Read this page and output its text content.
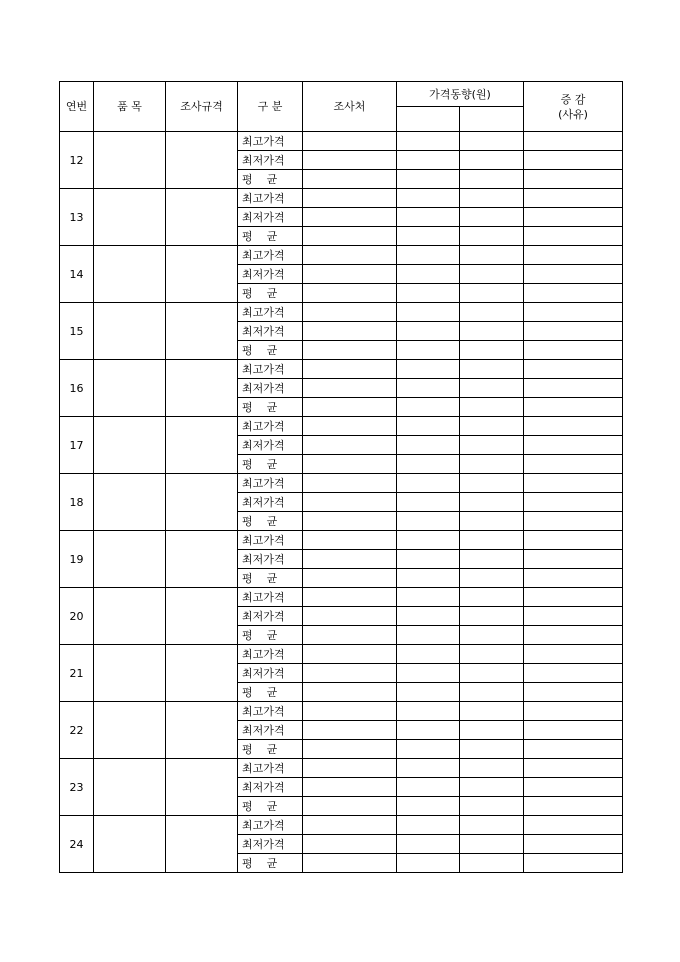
연번	품 목	조사규격	구 분	조사처	가격동향(원)		증 감
(사유)

12			최고가격				
			최저가격				
			평    균				
13			최고가격				
			최저가격				
			평    균				
14			최고가격				
			최저가격				
			평    균				
15			최고가격				
			최저가격				
			평    균				
16			최고가격				
			최저가격				
			평    균				
17			최고가격				
			최저가격				
			평    균				
18			최고가격				
			최저가격				
			평    균				
19			최고가격				
			최저가격				
			평    균				
20			최고가격				
			최저가격				
			평    균				
21			최고가격				
			최저가격				
			평    균				
22			최고가격				
			최저가격				
			평    균				
23			최고가격				
			최저가격				
			평    균				
24			최고가격				
			최저가격				
			평    균				
